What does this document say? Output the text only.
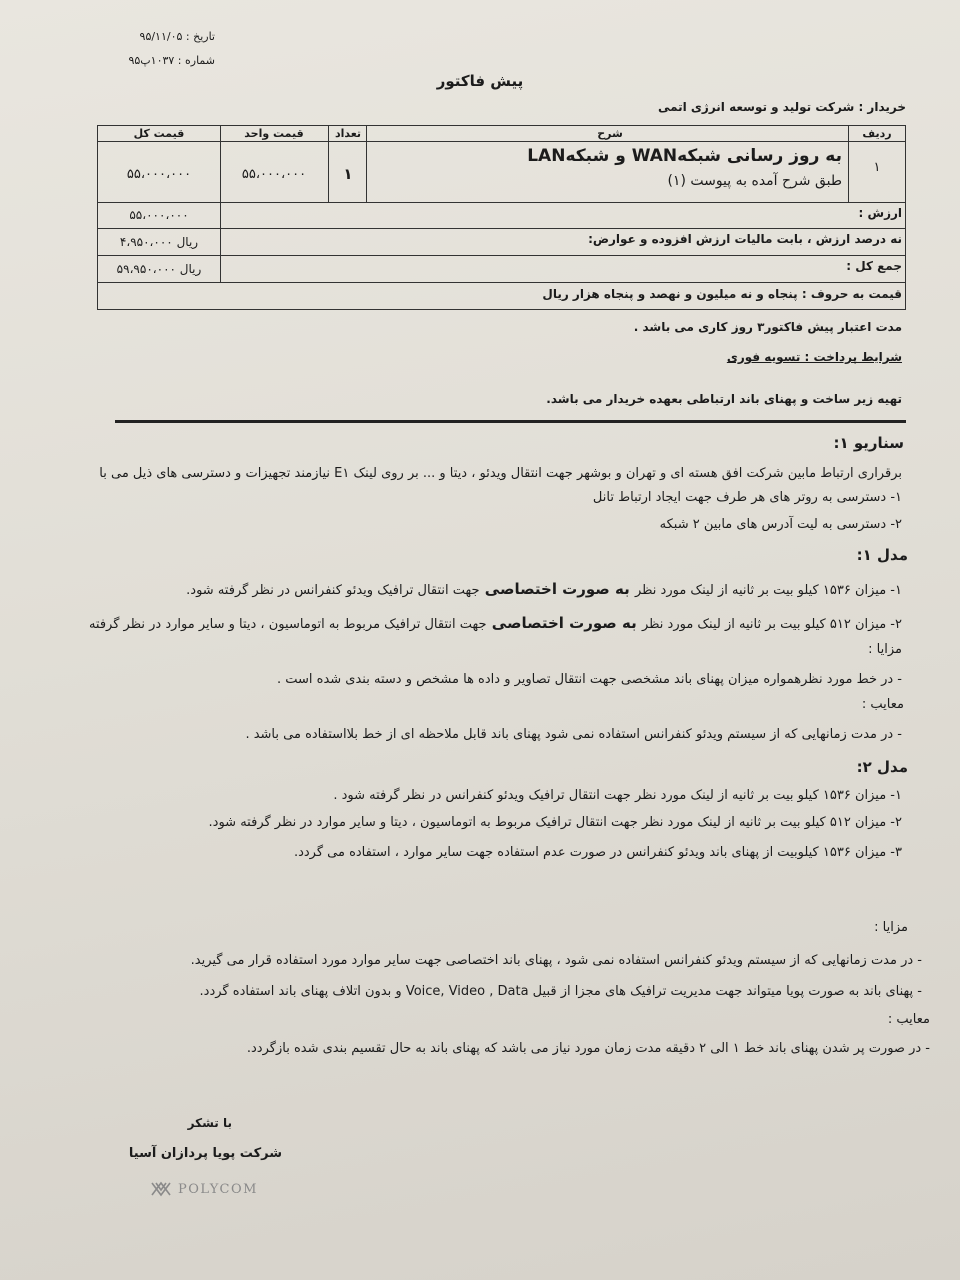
تاریخ : ۹۵/۱۱/۰۵
شماره : ۱۰۳۷پ۹۵
پیش فاکتور
خریدار : شرکت تولید و توسعه انرژی اتمی
ردیف
شرح
تعداد
قیمت واحد
قیمت کل
۱
به روز رسانی شبکهWAN و شبکهLAN
طبق شرح آمده به پیوست (۱)
۱
۵۵،۰۰۰،۰۰۰
۵۵،۰۰۰،۰۰۰
ارزش :
۵۵،۰۰۰،۰۰۰
نه درصد ارزش ، بابت مالیات ارزش افزوده و عوارض:
ریال ۴،۹۵۰،۰۰۰
جمع کل :
ریال ۵۹،۹۵۰،۰۰۰
قیمت به حروف : پنجاه و نه میلیون و نهصد و پنجاه هزار ریال
مدت اعتبار پیش فاکتور۳ روز کاری می باشد .
شرایط پرداخت : تسویه فوری
تهیه زیر ساخت و پهنای باند ارتباطی بعهده خریدار می باشد.
سناریو ۱:
برقراری ارتباط مابین شرکت افق هسته ای و تهران و بوشهر جهت انتقال ویدئو ، دیتا و ... بر روی لینک E۱ نیازمند تجهیزات و دسترسی های ذیل می با
۱- دسترسی به روتر های هر طرف جهت ایجاد ارتباط تانل
۲- دسترسی به لیت آدرس های مابین ۲ شبکه
مدل ۱:
۱- میزان ۱۵۳۶ کیلو بیت بر ثانیه از لینک مورد نظر به صورت اختصاصی جهت انتقال ترافیک ویدئو کنفرانس در نظر گرفته شود.
۲- میزان ۵۱۲ کیلو بیت بر ثانیه از لینک مورد نظر به صورت اختصاصی جهت انتقال ترافیک مربوط به اتوماسیون ، دیتا و سایر موارد در نظر گرفته
مزایا :
- در خط مورد نظرهمواره میزان پهنای باند مشخصی جهت انتقال تصاویر و داده ها مشخص و دسته بندی شده است .
معایب :
- در مدت زمانهایی که از سیستم ویدئو کنفرانس استفاده نمی شود پهنای باند قابل ملاحظه ای از خط بلااستفاده می باشد .
مدل ۲:
۱- میزان ۱۵۳۶ کیلو بیت بر ثانیه از لینک مورد نظر جهت انتقال ترافیک ویدئو کنفرانس در نظر گرفته شود .
۲- میزان ۵۱۲ کیلو بیت بر ثانیه از لینک مورد نظر جهت انتقال ترافیک مربوط به اتوماسیون ، دیتا و سایر موارد در نظر گرفته شود.
۳- میزان ۱۵۳۶ کیلوبیت از پهنای باند ویدئو کنفرانس در صورت عدم استفاده جهت سایر موارد ، استفاده می گردد.
مزایا :
- در مدت زمانهایی که از سیستم ویدئو کنفرانس استفاده نمی شود ، پهنای باند اختصاصی جهت سایر موارد مورد استفاده قرار می گیرید.
- پهنای باند به صورت پویا میتواند جهت مدیریت ترافیک های مجزا از قبیل Voice, Video , Data و بدون اتلاف پهنای باند استفاده گردد.
معایب :
- در صورت پر شدن پهنای باند خط ۱ الی ۲ دقیقه مدت زمان مورد نیاز می باشد که پهنای باند به حال تقسیم بندی شده بازگردد.
با تشکر
شرکت پویا پردازان آسیا
POLYCOM
